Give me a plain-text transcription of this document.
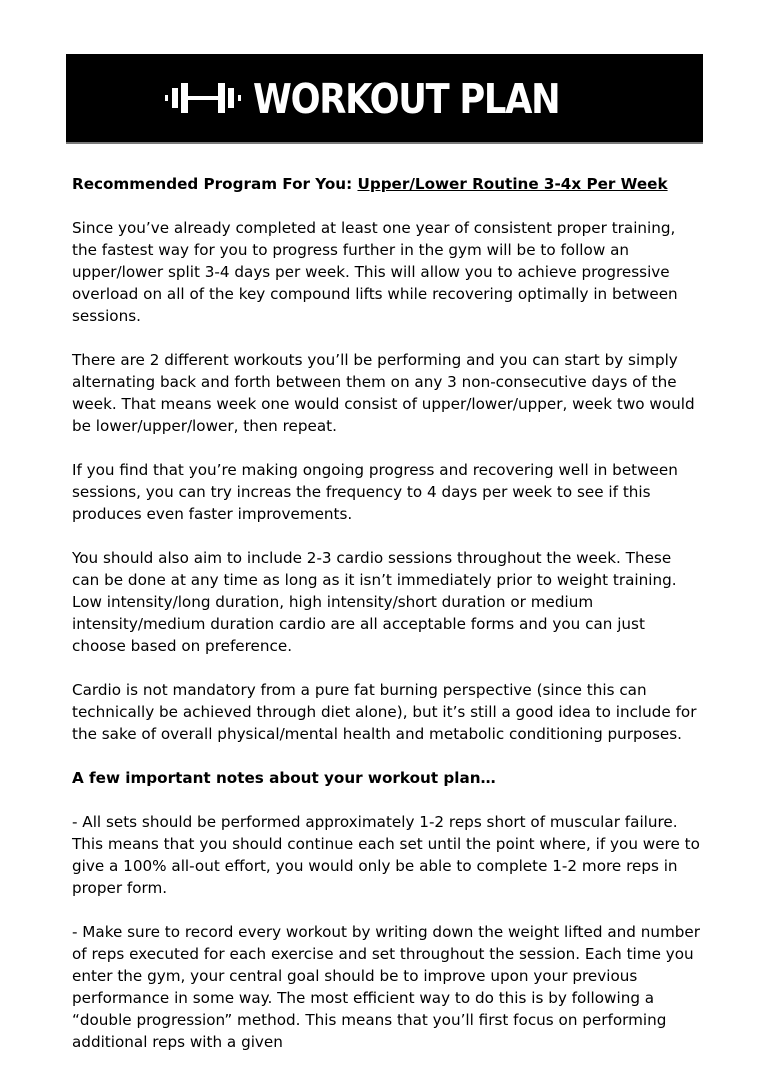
WORKOUT PLAN

Recommended Program For You: Upper/Lower Routine 3-4x Per Week

Since you’ve already completed at least one year of consistent proper training, the fastest way for you to progress further in the gym will be to follow an upper/lower split 3-4 days per week. This will allow you to achieve progressive overload on all of the key compound lifts while recovering optimally in between sessions.

There are 2 different workouts you’ll be performing and you can start by simply alternating back and forth between them on any 3 non-consecutive days of the week. That means week one would consist of upper/lower/upper, week two would be lower/upper/lower, then repeat.

If you find that you’re making ongoing progress and recovering well in between sessions, you can try increas the frequency to 4 days per week to see if this produces even faster improvements.

You should also aim to include 2-3 cardio sessions throughout the week. These can be done at any time as long as it isn’t immediately prior to weight training. Low intensity/long duration, high intensity/short duration or medium intensity/medium duration cardio are all acceptable forms and you can just choose based on preference.

Cardio is not mandatory from a pure fat burning perspective (since this can technically be achieved through diet alone), but it’s still a good idea to include for the sake of overall physical/mental health and metabolic conditioning purposes.

A few important notes about your workout plan…

- All sets should be performed approximately 1-2 reps short of muscular failure. This means that you should continue each set until the point where, if you were to give a 100% all-out effort, you would only be able to complete 1-2 more reps in proper form.

- Make sure to record every workout by writing down the weight lifted and number of reps executed for each exercise and set throughout the session. Each time you enter the gym, your central goal should be to improve upon your previous performance in some way. The most efficient way to do this is by following a “double progression” method. This means that you’ll first focus on performing additional reps with a given
